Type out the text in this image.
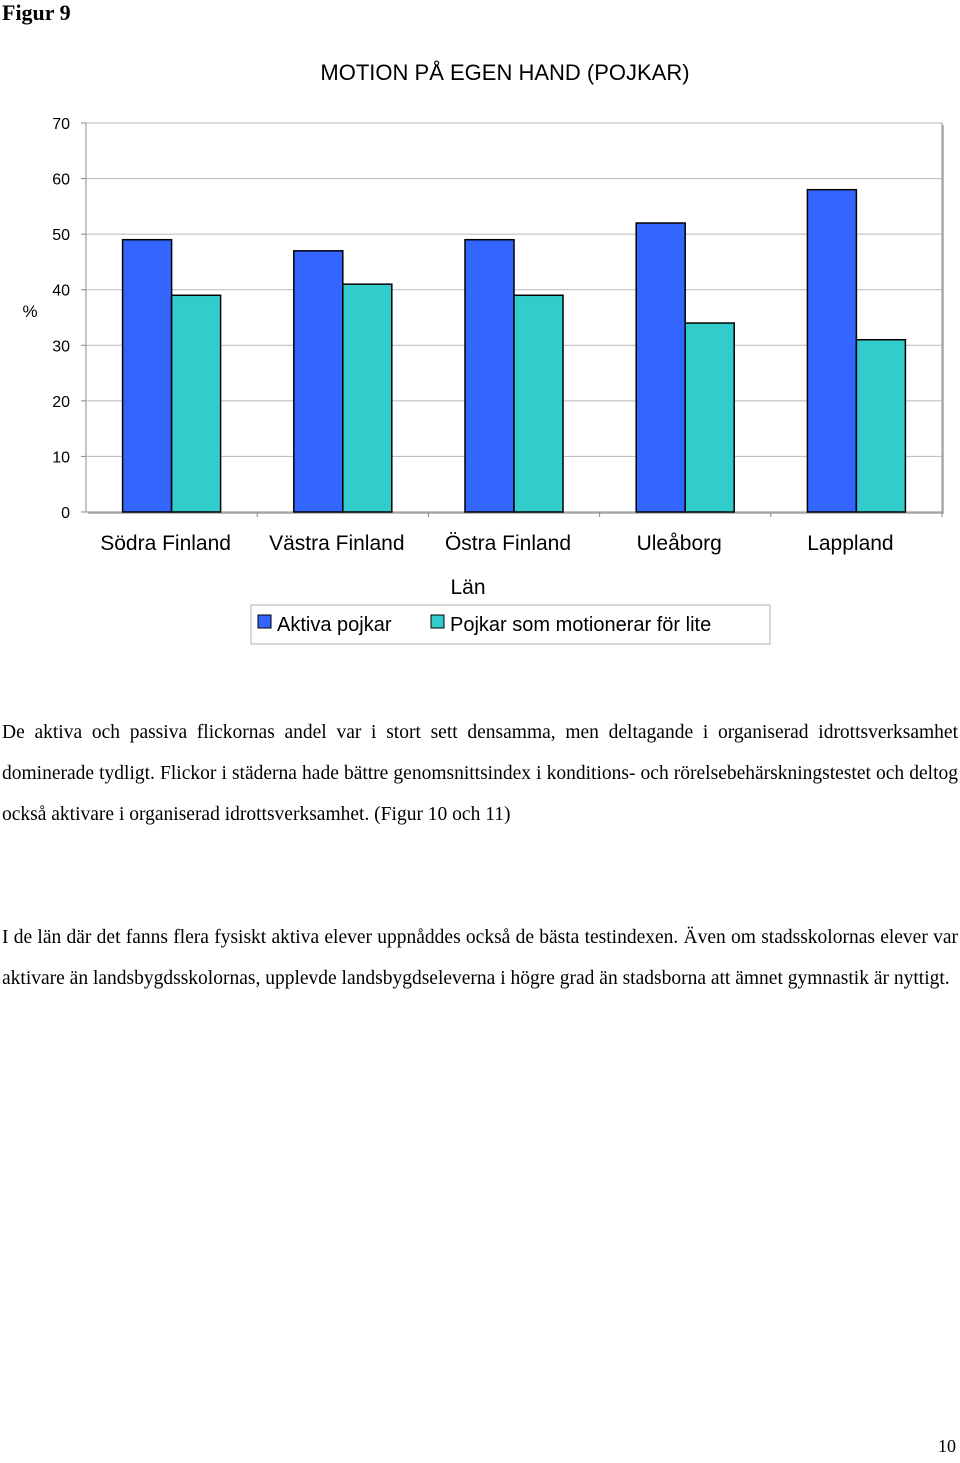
Figur 9
MOTION PÅ EGEN HAND (POJKAR)
%
0
10
20
30
40
50
60
70
Södra Finland Västra Finland Östra Finland	Uleåborg	Lappland
Län
Aktiva pojkar	Pojkar som motionerar för lite

De aktiva och passiva flickornas andel var i stort sett densamma, men deltagande i organiserad idrottsverksamhet dominerade tydligt. Flickor i städerna hade bättre genomsnittsindex i konditions- och rörelsebehärskningstestet och deltog också aktivare i organiserad idrottsverksamhet. (Figur 10 och 11)

I de län där det fanns flera fysiskt aktiva elever uppnåddes också de bästa testindexen. Även om stadsskolornas elever var aktivare än landsbygdsskolornas, upplevde landsbygdseleverna i högre grad än stadsborna att ämnet gymnastik är nyttigt.

10
